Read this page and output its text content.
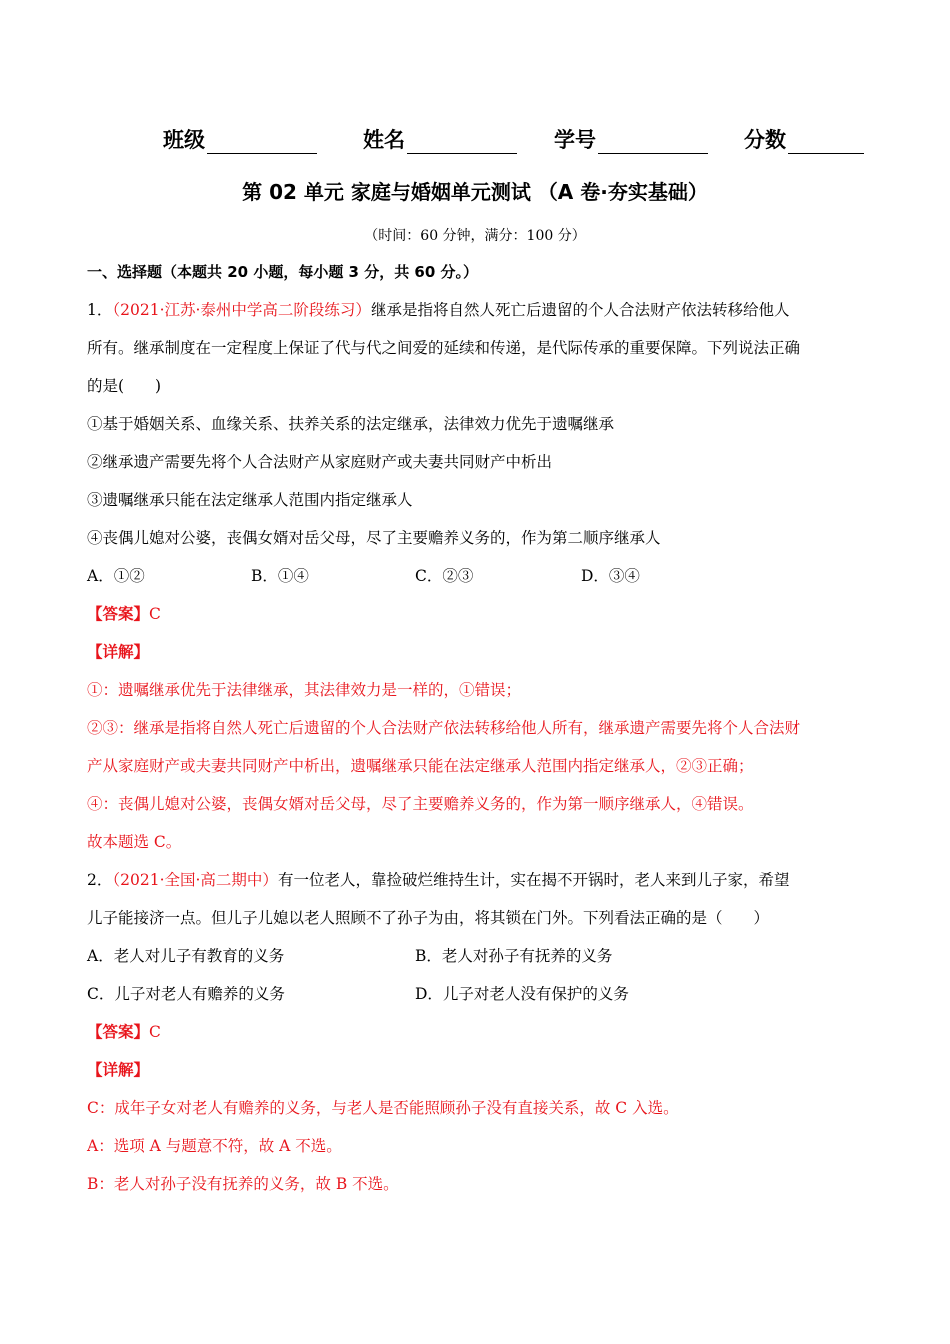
班级	姓名	学号	分数
第 02 单元 家庭与婚姻单元测试 （A 卷·夯实基础）
（时间：60 分钟，满分：100 分）
一、选择题（本题共 20 小题，每小题 3 分，共 60 分。）
1．（2021·江苏·泰州中学高二阶段练习）继承是指将自然人死亡后遗留的个人合法财产依法转移给他人
所有。继承制度在一定程度上保证了代与代之间爱的延续和传递，是代际传承的重要保障。下列说法正确
的是(　　)
①基于婚姻关系、血缘关系、扶养关系的法定继承，法律效力优先于遗嘱继承
②继承遗产需要先将个人合法财产从家庭财产或夫妻共同财产中析出
③遗嘱继承只能在法定继承人范围内指定继承人
④丧偶儿媳对公婆，丧偶女婿对岳父母，尽了主要赡养义务的，作为第二顺序继承人
A．①②	B．①④	C．②③	D．③④
【答案】C
【详解】
①：遗嘱继承优先于法律继承，其法律效力是一样的，①错误；
②③：继承是指将自然人死亡后遗留的个人合法财产依法转移给他人所有，继承遗产需要先将个人合法财
产从家庭财产或夫妻共同财产中析出，遗嘱继承只能在法定继承人范围内指定继承人，②③正确；
④：丧偶儿媳对公婆，丧偶女婿对岳父母，尽了主要赡养义务的，作为第一顺序继承人，④错误。
故本题选 C。
2．（2021·全国·高二期中）有一位老人，靠捡破烂维持生计，实在揭不开锅时，老人来到儿子家，希望
儿子能接济一点。但儿子儿媳以老人照顾不了孙子为由，将其锁在门外。下列看法正确的是（　　）
A．老人对儿子有教育的义务	B．老人对孙子有抚养的义务
C．儿子对老人有赡养的义务	D．儿子对老人没有保护的义务
【答案】C
【详解】
C：成年子女对老人有赡养的义务，与老人是否能照顾孙子没有直接关系，故 C 入选。
A：选项 A 与题意不符，故 A 不选。
B：老人对孙子没有抚养的义务，故 B 不选。
